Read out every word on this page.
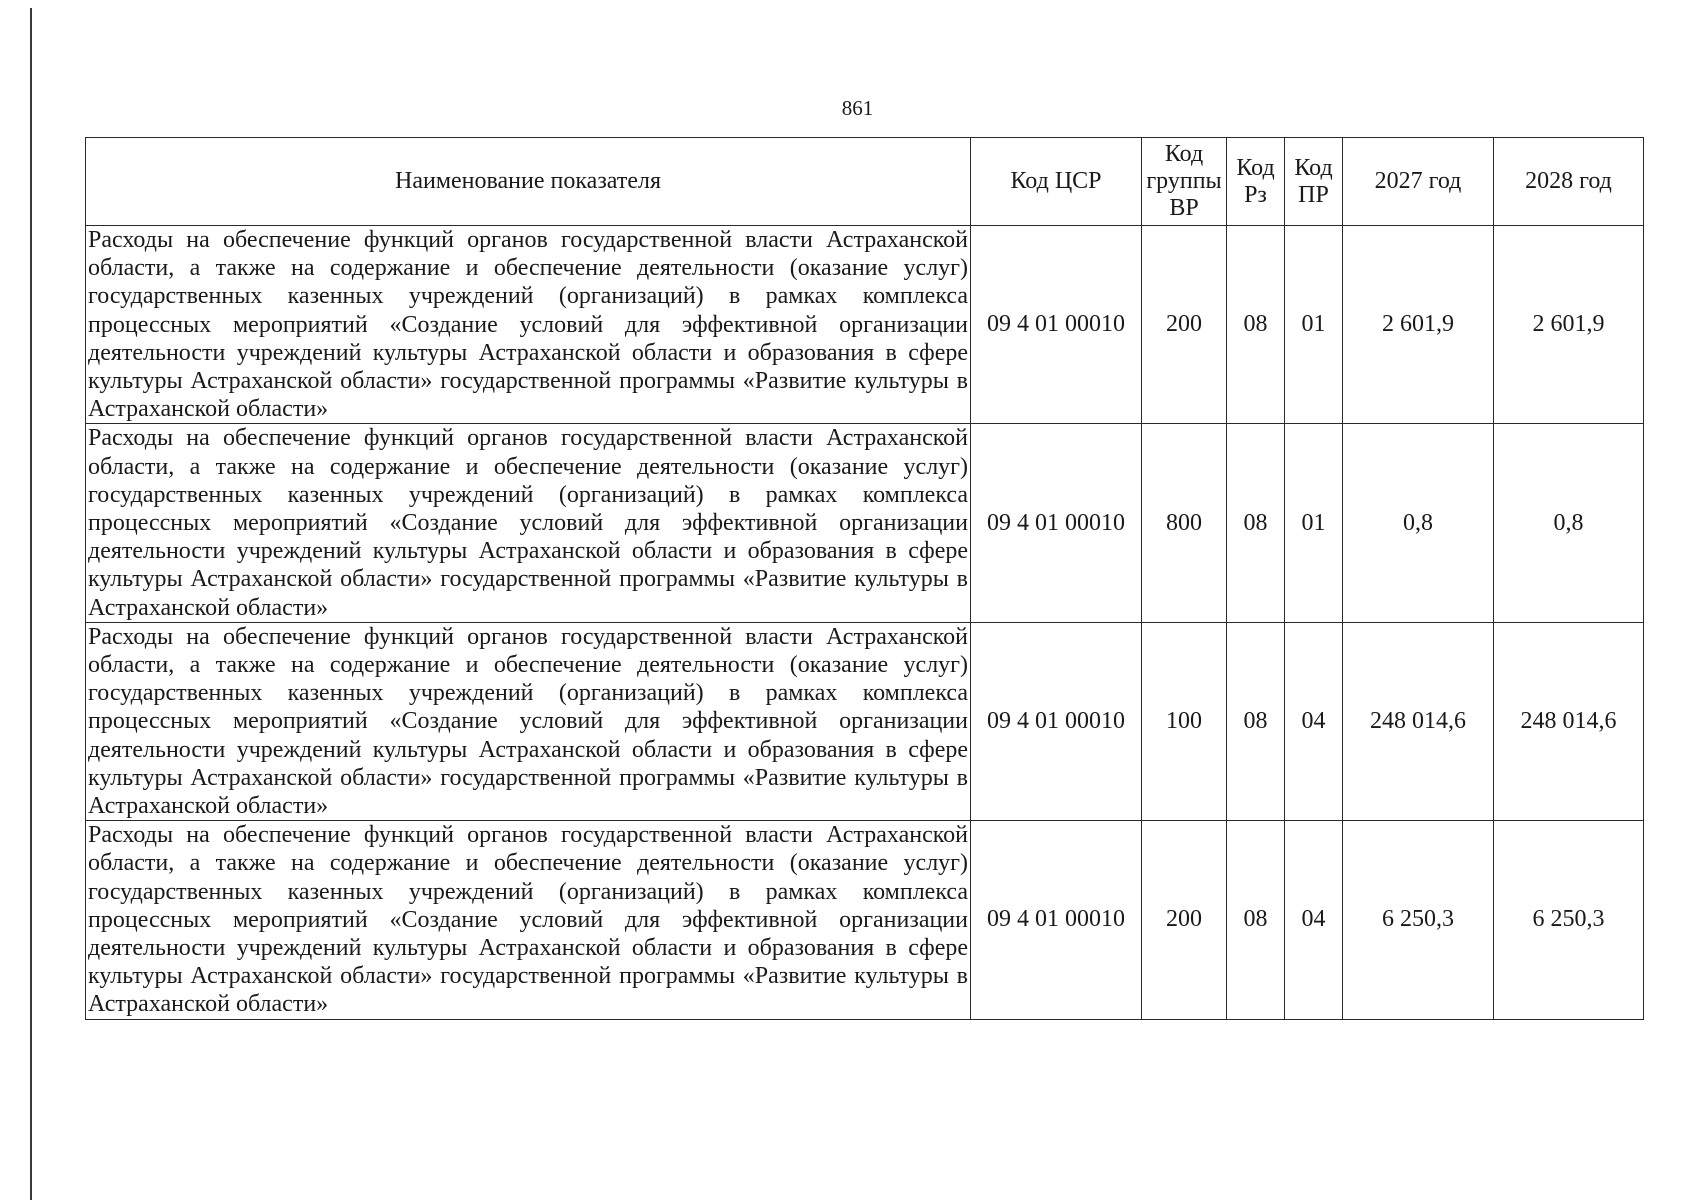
861
Наименование показателя	Код ЦСР	Код группы ВР	Код Рз	Код ПР	2027 год	2028 год
Расходы на обеспечение функций органов государственной власти Астраханской области, а также на содержание и обеспечение деятельности (оказание услуг) государственных казенных учреждений (организаций) в рамках комплекса процессных мероприятий «Создание условий для эффективной организации деятельности учреждений культуры Астраханской области и образования в сфере культуры Астраханской области» государственной программы «Развитие культуры в Астраханской области»	09 4 01 00010	200	08	01	2 601,9	2 601,9
Расходы на обеспечение функций органов государственной власти Астраханской области, а также на содержание и обеспечение деятельности (оказание услуг) государственных казенных учреждений (организаций) в рамках комплекса процессных мероприятий «Создание условий для эффективной организации деятельности учреждений культуры Астраханской области и образования в сфере культуры Астраханской области» государственной программы «Развитие культуры в Астраханской области»	09 4 01 00010	800	08	01	0,8	0,8
Расходы на обеспечение функций органов государственной власти Астраханской области, а также на содержание и обеспечение деятельности (оказание услуг) государственных казенных учреждений (организаций) в рамках комплекса процессных мероприятий «Создание условий для эффективной организации деятельности учреждений культуры Астраханской области и образования в сфере культуры Астраханской области» государственной программы «Развитие культуры в Астраханской области»	09 4 01 00010	100	08	04	248 014,6	248 014,6
Расходы на обеспечение функций органов государственной власти Астраханской области, а также на содержание и обеспечение деятельности (оказание услуг) государственных казенных учреждений (организаций) в рамках комплекса процессных мероприятий «Создание условий для эффективной организации деятельности учреждений культуры Астраханской области и образования в сфере культуры Астраханской области» государственной программы «Развитие культуры в Астраханской области»	09 4 01 00010	200	08	04	6 250,3	6 250,3
